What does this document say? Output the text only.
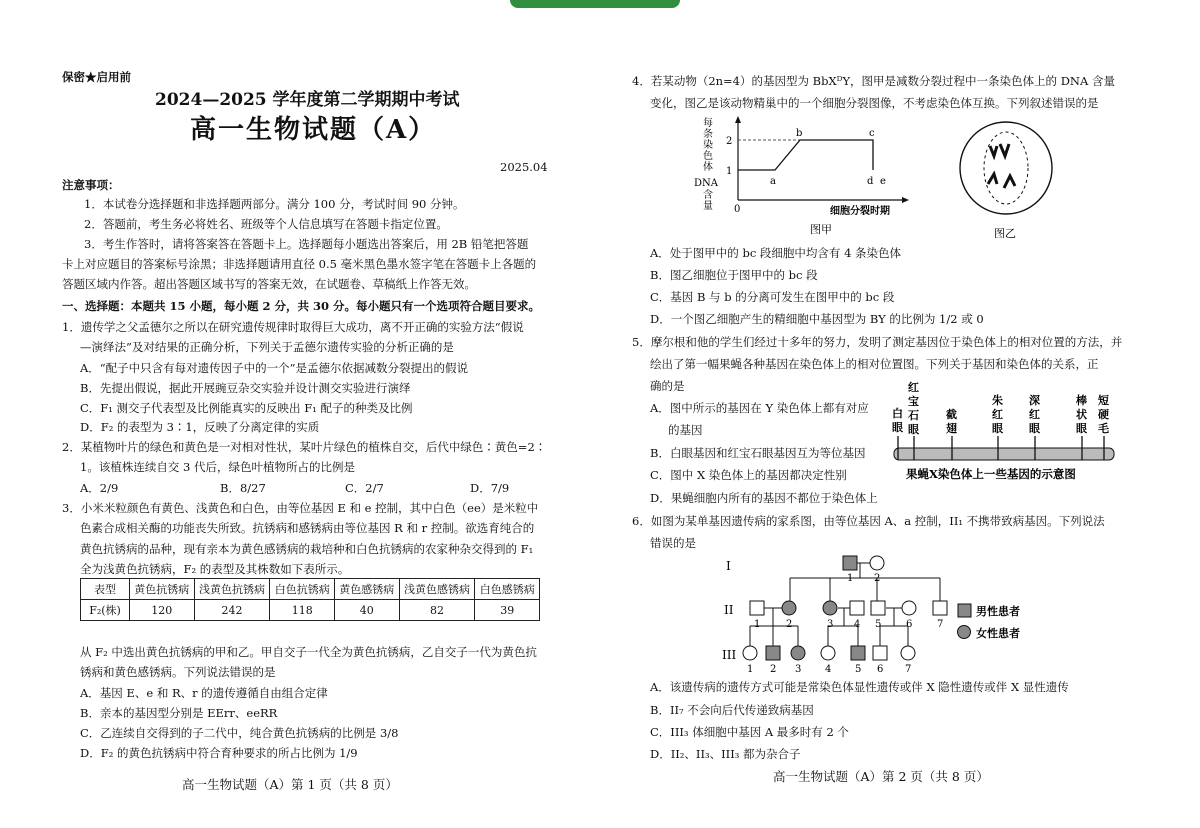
保密★启用前
2024—2025 学年度第二学期期中考试
高一生物试题（A）
2025.04
注意事项：
1．本试卷分选择题和非选择题两部分。满分 100 分，考试时间 90 分钟。
2．答题前，考生务必将姓名、班级等个人信息填写在答题卡指定位置。
3．考生作答时，请将答案答在答题卡上。选择题每小题选出答案后，用 2B 铅笔把答题
卡上对应题目的答案标号涂黑；非选择题请用直径 0.5 毫米黑色墨水签字笔在答题卡上各题的
答题区域内作答。超出答题区域书写的答案无效，在试题卷、草稿纸上作答无效。
一、选择题：本题共 15 小题，每小题 2 分，共 30 分。每小题只有一个选项符合题目要求。
1．遗传学之父孟德尔之所以在研究遗传规律时取得巨大成功，离不开正确的实验方法“假说
—演绎法”及对结果的正确分析，下列关于孟德尔遗传实验的分析正确的是
A．“配子中只含有每对遗传因子中的一个”是孟德尔依据减数分裂提出的假说
B．先提出假说，据此开展豌豆杂交实验并设计测交实验进行演绎
C．F₁ 测交子代表型及比例能真实的反映出 F₁ 配子的种类及比例
D．F₂ 的表型为 3∶1，反映了分离定律的实质
2．某植物叶片的绿色和黄色是一对相对性状，某叶片绿色的植株自交，后代中绿色∶黄色=2∶
1。该植株连续自交 3 代后，绿色叶植物所占的比例是
A．2/9	B．8/27	C．2/7	D．7/9
3．小米米粒颜色有黄色、浅黄色和白色，由等位基因 E 和 e 控制，其中白色（ee）是米粒中
色素合成相关酶的功能丧失所致。抗锈病和感锈病由等位基因 R 和 r 控制。欲选育纯合的
黄色抗锈病的品种，现有亲本为黄色感锈病的栽培种和白色抗锈病的农家种杂交得到的 F₁
全为浅黄色抗锈病，F₂ 的表型及其株数如下表所示。
表型	黄色抗锈病	浅黄色抗锈病	白色抗锈病	黄色感锈病	浅黄色感锈病	白色感锈病
F₂(株)	120	242	118	40	82	39
从 F₂ 中选出黄色抗锈病的甲和乙。甲自交子一代全为黄色抗锈病，乙自交子一代为黄色抗
锈病和黄色感锈病。下列说法错误的是
A．基因 E、e 和 R、r 的遗传遵循自由组合定律
B．亲本的基因型分别是 EErr、eeRR
C．乙连续自交得到的子二代中，纯合黄色抗锈病的比例是 3/8
D．F₂ 的黄色抗锈病中符合育种要求的所占比例为 1/9
高一生物试题（A）第 1 页（共 8 页）
4．若某动物（2n=4）的基因型为 BbXᴰY，图甲是减数分裂过程中一条染色体上的 DNA 含量
变化，图乙是该动物精巢中的一个细胞分裂图像，不考虑染色体互换。下列叙述错误的是
每条染色体
DNA
含量
2
1
a
b	c
d e
0	细胞分裂时期
图甲	图乙
A．处于图甲中的 bc 段细胞中均含有 4 条染色体
B．图乙细胞位于图甲中的 bc 段
C．基因 B 与 b 的分离可发生在图甲中的 bc 段
D．一个图乙细胞产生的精细胞中基因型为 BY 的比例为 1/2 或 0
5．摩尔根和他的学生们经过十多年的努力，发明了测定基因位于染色体上的相对位置的方法，并
绘出了第一幅果蝇各种基因在染色体上的相对位置图。下列关于基因和染色体的关系，正
确的是
A．图中所示的基因在 Y 染色体上都有对应
的基因
B．白眼基因和红宝石眼基因互为等位基因
C．图中 X 染色体上的基因都决定性别
D．果蝇细胞内所有的基因不都位于染色体上
白眼
红宝石眼
截翅
朱红眼
深红眼
棒状眼
短硬毛
果蝇X染色体上一些基因的示意图
6．如图为某单基因遗传病的家系图，由等位基因 A、a 控制，II₁ 不携带致病基因。下列说法
错误的是
I
II
III
1 2
1	2	3 4 5 6 7
1 2 3 4 5 6 7
男性患者
女性患者
A．该遗传病的遗传方式可能是常染色体显性遗传或伴 X 隐性遗传或伴 X 显性遗传
B．II₇ 不会向后代传递致病基因
C．III₃ 体细胞中基因 A 最多时有 2 个
D．II₂、II₃、III₃ 都为杂合子
高一生物试题（A）第 2 页（共 8 页）
